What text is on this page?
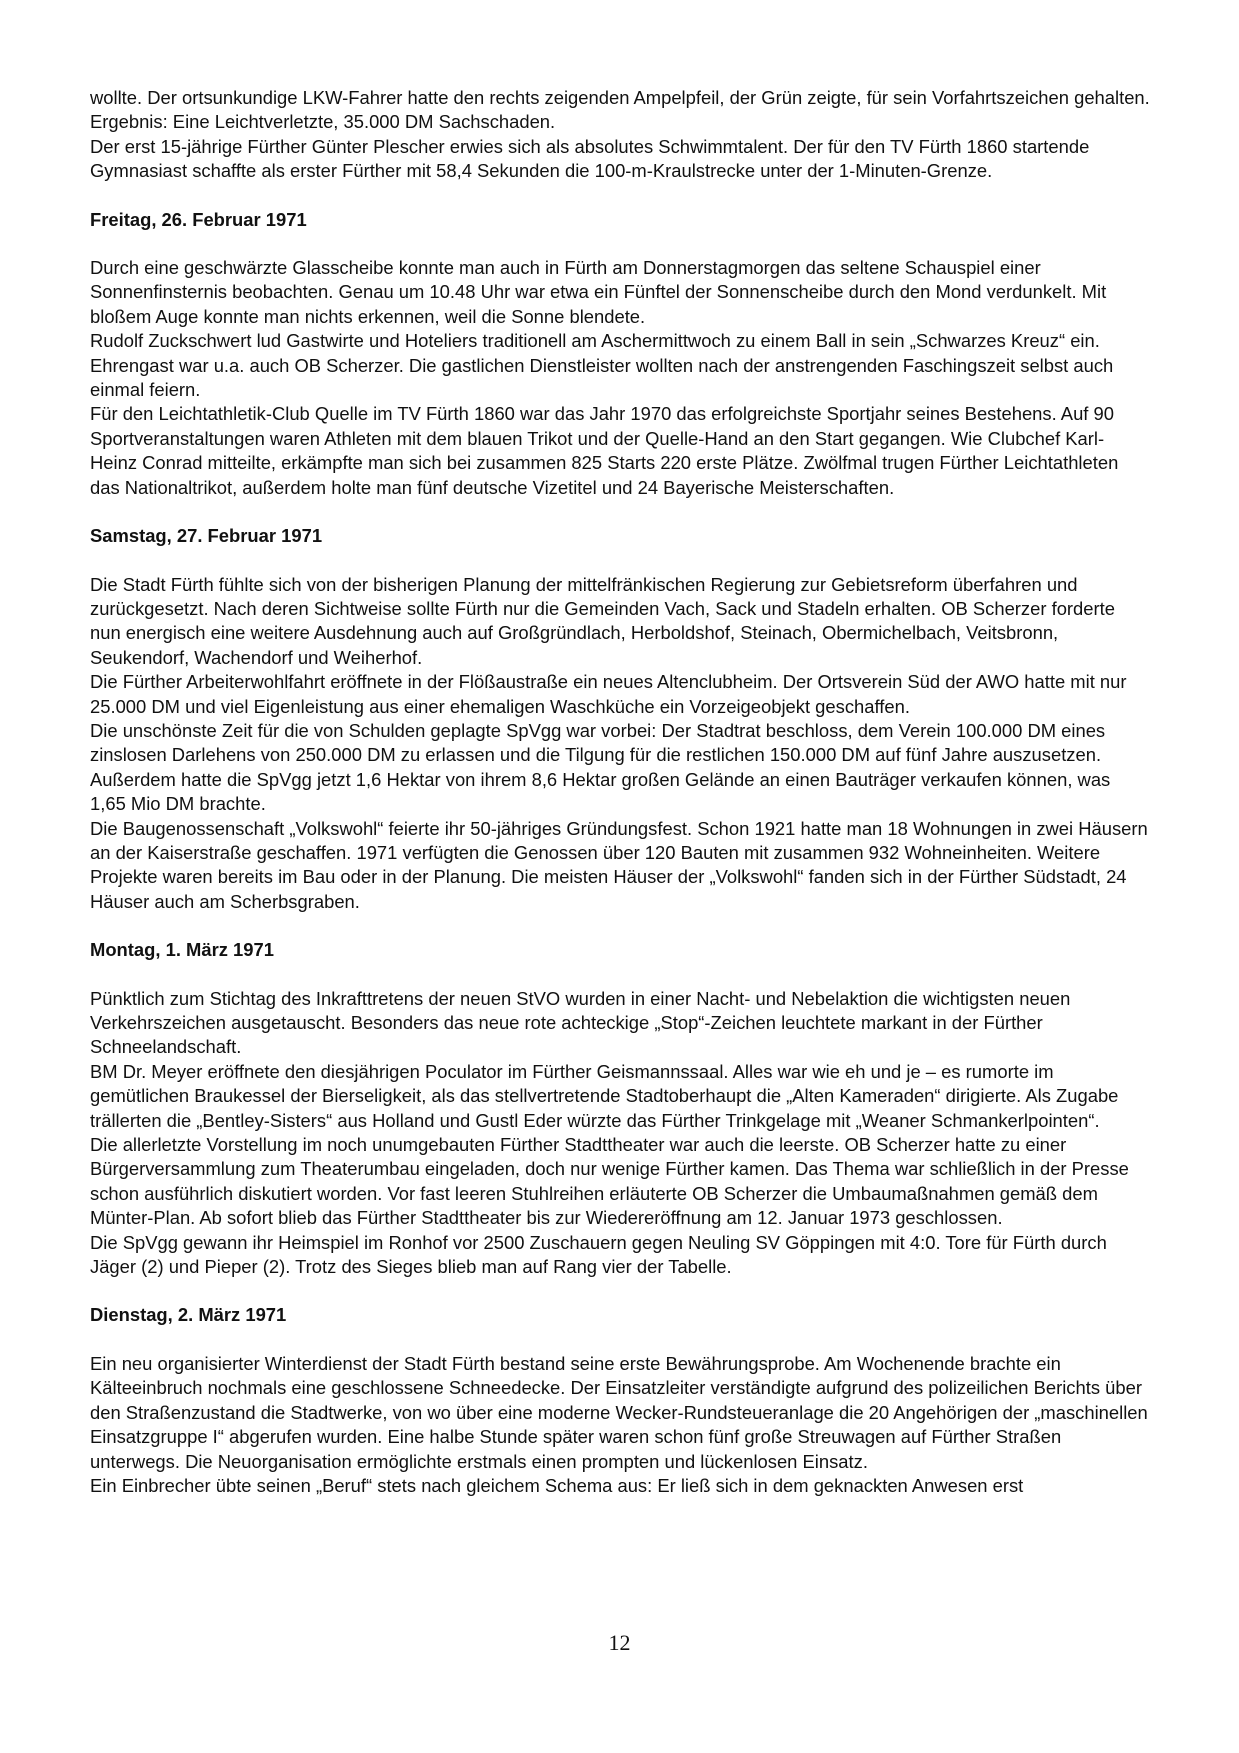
wollte. Der ortsunkundige LKW-Fahrer hatte den rechts zeigenden Ampelpfeil, der Grün zeigte, für sein Vorfahrtszeichen gehalten. Ergebnis: Eine Leichtverletzte, 35.000 DM Sachschaden.

Der erst 15-jährige Fürther Günter Plescher erwies sich als absolutes Schwimmtalent. Der für den TV Fürth 1860 startende Gymnasiast schaffte als erster Fürther mit 58,4 Sekunden die 100-m-Kraulstrecke unter der 1-Minuten-Grenze.

Freitag, 26. Februar 1971

Durch eine geschwärzte Glasscheibe konnte man auch in Fürth am Donnerstagmorgen das seltene Schauspiel einer Sonnenfinsternis beobachten. Genau um 10.48 Uhr war etwa ein Fünftel der Sonnenscheibe durch den Mond verdunkelt. Mit bloßem Auge konnte man nichts erkennen, weil die Sonne blendete.

Rudolf Zuckschwert lud Gastwirte und Hoteliers traditionell am Aschermittwoch zu einem Ball in sein „Schwarzes Kreuz“ ein. Ehrengast war u.a. auch OB Scherzer. Die gastlichen Dienstleister wollten nach der anstrengenden Faschingszeit selbst auch einmal feiern.

Für den Leichtathletik-Club Quelle im TV Fürth 1860 war das Jahr 1970 das erfolgreichste Sportjahr seines Bestehens. Auf 90 Sportveranstaltungen waren Athleten mit dem blauen Trikot und der Quelle-Hand an den Start gegangen. Wie Clubchef Karl-Heinz Conrad mitteilte, erkämpfte man sich bei zusammen 825 Starts 220 erste Plätze. Zwölfmal trugen Fürther Leichtathleten das Nationaltrikot, außerdem holte man fünf deutsche Vizetitel und 24 Bayerische Meisterschaften.

Samstag, 27. Februar 1971

Die Stadt Fürth fühlte sich von der bisherigen Planung der mittelfränkischen Regierung zur Gebietsreform überfahren und zurückgesetzt. Nach deren Sichtweise sollte Fürth nur die Gemeinden Vach, Sack und Stadeln erhalten. OB Scherzer forderte nun energisch eine weitere Ausdehnung auch auf Großgründlach, Herboldshof, Steinach, Obermichelbach, Veitsbronn, Seukendorf, Wachendorf und Weiherhof.

Die Fürther Arbeiterwohlfahrt eröffnete in der Flößaustraße ein neues Altenclubheim. Der Ortsverein Süd der AWO hatte mit nur 25.000 DM und viel Eigenleistung aus einer ehemaligen Waschküche ein Vorzeigeobjekt geschaffen.

Die unschönste Zeit für die von Schulden geplagte SpVgg war vorbei: Der Stadtrat beschloss, dem Verein 100.000 DM eines zinslosen Darlehens von 250.000 DM zu erlassen und die Tilgung für die restlichen 150.000 DM auf fünf Jahre auszusetzen. Außerdem hatte die SpVgg jetzt 1,6 Hektar von ihrem 8,6 Hektar großen Gelände an einen Bauträger verkaufen können, was 1,65 Mio DM brachte.

Die Baugenossenschaft „Volkswohl“ feierte ihr 50-jähriges Gründungsfest. Schon 1921 hatte man 18 Wohnungen in zwei Häusern an der Kaiserstraße geschaffen. 1971 verfügten die Genossen über 120 Bauten mit zusammen 932 Wohneinheiten. Weitere Projekte waren bereits im Bau oder in der Planung. Die meisten Häuser der „Volkswohl“ fanden sich in der Fürther Südstadt, 24 Häuser auch am Scherbsgraben.

Montag, 1. März 1971

Pünktlich zum Stichtag des Inkrafttretens der neuen StVO wurden in einer Nacht- und Nebelaktion die wichtigsten neuen Verkehrszeichen ausgetauscht. Besonders das neue rote achteckige „Stop“-Zeichen leuchtete markant in der Fürther Schneelandschaft.

BM Dr. Meyer eröffnete den diesjährigen Poculator im Fürther Geismannssaal. Alles war wie eh und je – es rumorte im gemütlichen Braukessel der Bierseligkeit, als das stellvertretende Stadtoberhaupt die „Alten Kameraden“ dirigierte. Als Zugabe trällerten die „Bentley-Sisters“ aus Holland und Gustl Eder würzte das Fürther Trinkgelage mit „Weaner Schmankerlpointen“.

Die allerletzte Vorstellung im noch unumgebauten Fürther Stadttheater war auch die leerste. OB Scherzer hatte zu einer Bürgerversammlung zum Theaterumbau eingeladen, doch nur wenige Fürther kamen. Das Thema war schließlich in der Presse schon ausführlich diskutiert worden. Vor fast leeren Stuhlreihen erläuterte OB Scherzer die Umbaumaßnahmen gemäß dem Münter-Plan. Ab sofort blieb das Fürther Stadttheater bis zur Wiedereröffnung am 12. Januar 1973 geschlossen.

Die SpVgg gewann ihr Heimspiel im Ronhof vor 2500 Zuschauern gegen Neuling SV Göppingen mit 4:0. Tore für Fürth durch Jäger (2) und Pieper (2). Trotz des Sieges blieb man auf Rang vier der Tabelle.

Dienstag, 2. März 1971

Ein neu organisierter Winterdienst der Stadt Fürth bestand seine erste Bewährungsprobe. Am Wochenende brachte ein Kälteeinbruch nochmals eine geschlossene Schneedecke. Der Einsatzleiter verständigte aufgrund des polizeilichen Berichts über den Straßenzustand die Stadtwerke, von wo über eine moderne Wecker-Rundsteueranlage die 20 Angehörigen der „maschinellen Einsatzgruppe I“ abgerufen wurden. Eine halbe Stunde später waren schon fünf große Streuwagen auf Fürther Straßen unterwegs. Die Neuorganisation ermöglichte erstmals einen prompten und lückenlosen Einsatz.

Ein Einbrecher übte seinen „Beruf“ stets nach gleichem Schema aus: Er ließ sich in dem geknackten Anwesen erst

12
